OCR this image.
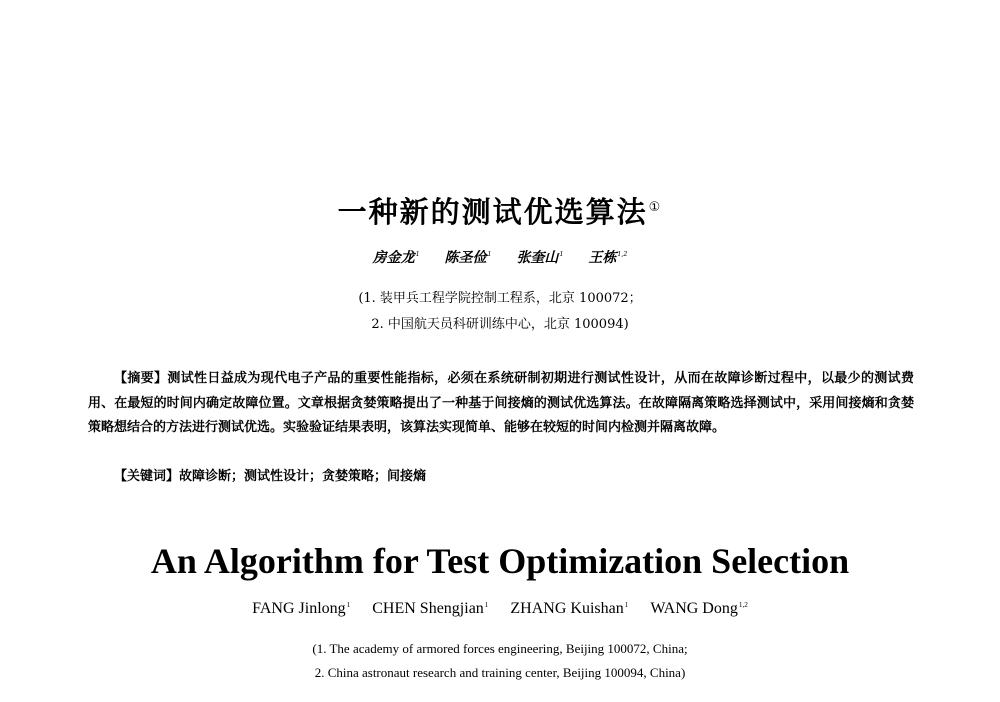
一种新的测试优选算法①
房金龙$^1$ 陈圣俭$^1$ 张奎山$^1$ 王栋$^{1,2}$
(1. 装甲兵工程学院控制工程系，北京 100072；
2. 中国航天员科研训练中心，北京 100094)

【摘要】测试性日益成为现代电子产品的重要性能指标，必须在系统研制初期进行测试性设计，从而在故障诊断过程中，以最少的测试费用、在最短的时间内确定故障位置。文章根据贪婪策略提出了一种基于间接熵的测试优选算法。在故障隔离策略选择测试中，采用间接熵和贪婪策略想结合的方法进行测试优选。实验验证结果表明，该算法实现简单、能够在较短的时间内检测并隔离故障。

【关键词】故障诊断；测试性设计；贪婪策略；间接熵

An Algorithm for Test Optimization Selection
FANG Jinlong$^1$ CHEN Shengjian$^1$ ZHANG Kuishan$^1$ WANG Dong$^{1,2}$
(1. The academy of armored forces engineering, Beijing 100072, China;
2. China astronaut research and training center, Beijing 100094, China)
